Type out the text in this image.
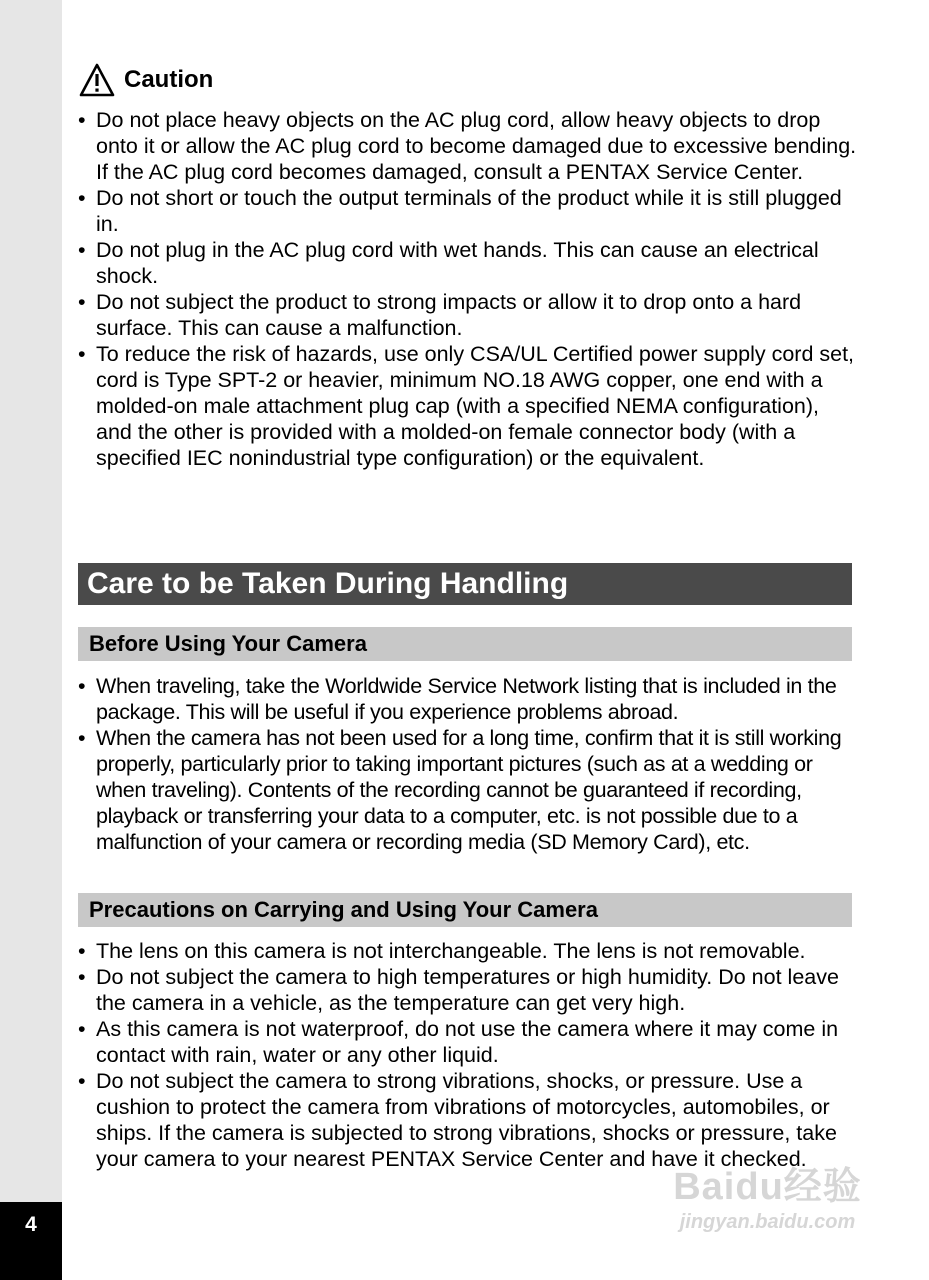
4
Caution
• Do not place heavy objects on the AC plug cord, allow heavy objects to drop onto it or allow the AC plug cord to become damaged due to excessive bending. If the AC plug cord becomes damaged, consult a PENTAX Service Center.
• Do not short or touch the output terminals of the product while it is still plugged in.
• Do not plug in the AC plug cord with wet hands. This can cause an electrical shock.
• Do not subject the product to strong impacts or allow it to drop onto a hard surface. This can cause a malfunction.
• To reduce the risk of hazards, use only CSA/UL Certified power supply cord set, cord is Type SPT-2 or heavier, minimum NO.18 AWG copper, one end with a molded-on male attachment plug cap (with a specified NEMA configuration), and the other is provided with a molded-on female connector body (with a specified IEC nonindustrial type configuration) or the equivalent.
Care to be Taken During Handling
Before Using Your Camera
• When traveling, take the Worldwide Service Network listing that is included in the package. This will be useful if you experience problems abroad.
• When the camera has not been used for a long time, confirm that it is still working properly, particularly prior to taking important pictures (such as at a wedding or when traveling). Contents of the recording cannot be guaranteed if recording, playback or transferring your data to a computer, etc. is not possible due to a malfunction of your camera or recording media (SD Memory Card), etc.
Precautions on Carrying and Using Your Camera
• The lens on this camera is not interchangeable. The lens is not removable.
• Do not subject the camera to high temperatures or high humidity. Do not leave the camera in a vehicle, as the temperature can get very high.
• As this camera is not waterproof, do not use the camera where it may come in contact with rain, water or any other liquid.
• Do not subject the camera to strong vibrations, shocks, or pressure. Use a cushion to protect the camera from vibrations of motorcycles, automobiles, or ships. If the camera is subjected to strong vibrations, shocks or pressure, take your camera to your nearest PENTAX Service Center and have it checked.
Baidu经验
jingyan.baidu.com
